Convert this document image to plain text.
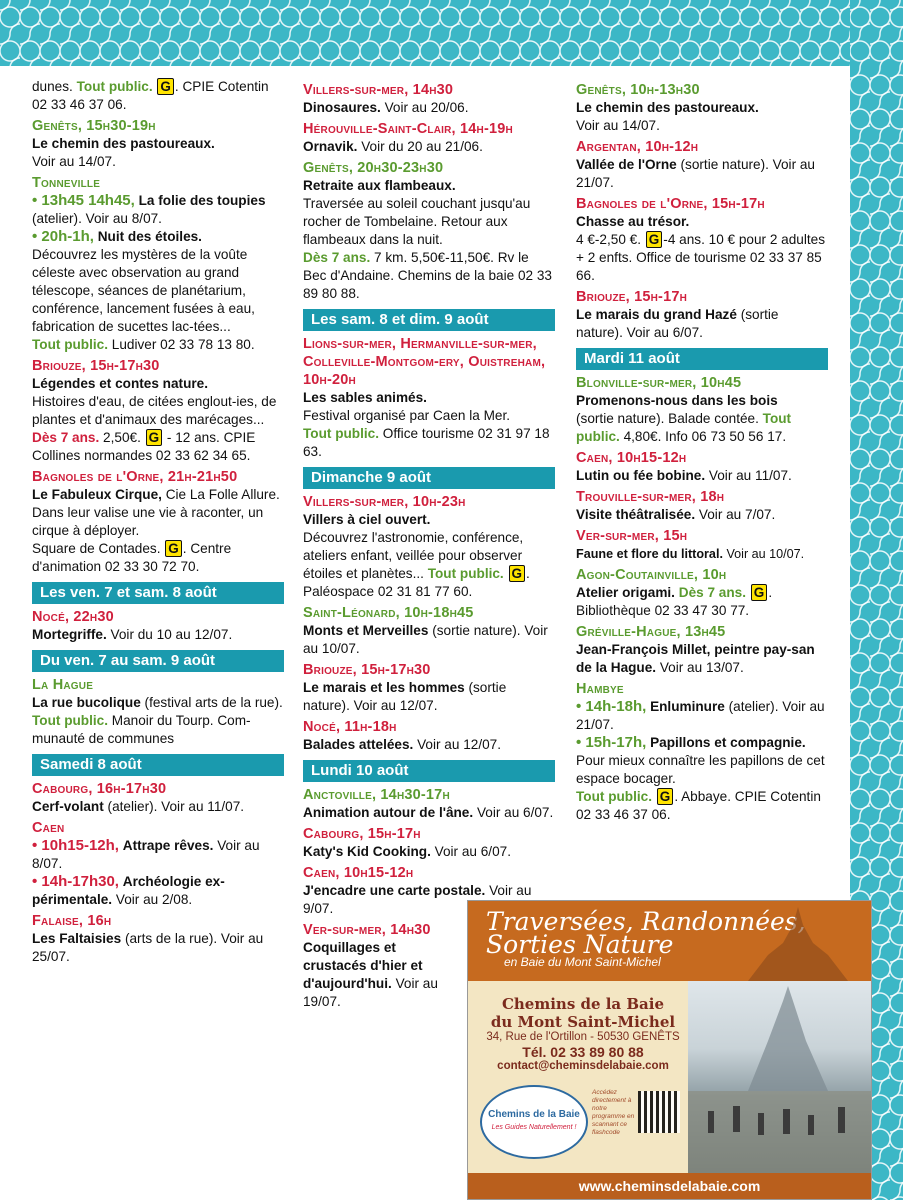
dunes. Tout public. G . CPIE Cotentin 02 33 46 37 06.

Genêts, 15h30-19h

Le chemin des pastoureaux.

Voir au 14/07.

Tonneville

• 13h45 14h45, La folie des toupies (atelier). Voir au 8/07.

• 20h-1h, Nuit des étoiles.

Découvrez les mystères de la voûte céleste avec observation au grand télescope, séances de planétarium, conférence, lancement fusées à eau, fabrication de sucettes lac-tées...

Tout public. Ludiver 02 33 78 13 80.

Briouze, 15h-17h30

Légendes et contes nature.

Histoires d'eau, de citées englout-ies, de plantes et d'animaux des marécages...

Dès 7 ans. 2,50€. G - 12 ans. CPIE Collines normandes 02 33 62 34 65.

Bagnoles de l'Orne, 21h-21h50

Le Fabuleux Cirque, Cie La Folle Allure.

Dans leur valise une vie à raconter, un cirque à déployer.

Square de Contades. G . Centre d'animation 02 33 30 72 70.

Les ven. 7 et sam. 8 août

Nocé, 22h30

Mortegriffe. Voir du 10 au 12/07.

Du ven. 7 au sam. 9 août

La Hague

La rue bucolique (festival arts de la rue).

Tout public. Manoir du Tourp. Com-munauté de communes

Samedi 8 août

Cabourg, 16h-17h30

Cerf-volant (atelier). Voir au 11/07.

Caen

• 10h15-12h, Attrape rêves. Voir au 8/07.

• 14h-17h30, Archéologie ex-périmentale. Voir au 2/08.

Falaise, 16h

Les Faltaisies (arts de la rue). Voir au 25/07.

Villers-sur-mer, 14h30

Dinosaures. Voir au 20/06.

Hérouville-Saint-Clair, 14h-19h

Ornavik. Voir du 20 au 21/06.

Genêts, 20h30-23h30

Retraite aux flambeaux.

Traversée au soleil couchant jusqu'au rocher de Tombelaine. Retour aux flambeaux dans la nuit.

Dès 7 ans. 7 km. 5,50€-11,50€. Rv le Bec d'Andaine. Chemins de la baie 02 33 89 80 88.

Les sam. 8 et dim. 9 août

Lions-sur-mer, Hermanville-sur-mer, Colleville-Montgom-ery, Ouistreham, 10h-20h

Les sables animés.

Festival organisé par Caen la Mer.

Tout public. Office tourisme 02 31 97 18 63.

Dimanche 9 août

Villers-sur-mer, 10h-23h

Villers à ciel ouvert.

Découvrez l'astronomie, conférence, ateliers enfant, veillée pour observer étoiles et planètes... Tout public. G . Paléospace 02 31 81 77 60.

Saint-Léonard, 10h-18h45

Monts et Merveilles (sortie nature). Voir au 10/07.

Briouze, 15h-17h30

Le marais et les hommes (sortie nature). Voir au 12/07.

Nocé, 11h-18h

Balades attelées. Voir au 12/07.

Lundi 10 août

Anctoville, 14h30-17h

Animation autour de l'âne. Voir au 6/07.

Cabourg, 15h-17h

Katy's Kid Cooking. Voir au 6/07.

Caen, 10h15-12h

J'encadre une carte postale. Voir au 9/07.

Ver-sur-mer, 14h30

Coquillages et crustacés d'hier et d'aujourd'hui. Voir au 19/07.

Genêts, 10h-13h30

Le chemin des pastoureaux.

Voir au 14/07.

Argentan, 10h-12h

Vallée de l'Orne (sortie nature). Voir au 21/07.

Bagnoles de l'Orne, 15h-17h

Chasse au trésor.

4 €-2,50 €. G -4 ans. 10 € pour 2 adultes + 2 enfts. Office de tourisme 02 33 37 85 66.

Briouze, 15h-17h

Le marais du grand Hazé (sortie nature). Voir au 6/07.

Mardi 11 août

Blonville-sur-mer, 10h45

Promenons-nous dans les bois

(sortie nature). Balade contée. Tout public. 4,80€. Info 06 73 50 56 17.

Caen, 10h15-12h

Lutin ou fée bobine. Voir au 11/07.

Trouville-sur-mer, 18h

Visite théâtralisée. Voir au 7/07.

Ver-sur-mer, 15h

Faune et flore du littoral. Voir au 10/07.

Agon-Coutainville, 10h

Atelier origami. Dès 7 ans. G . Bibliothèque 02 33 47 30 77.

Gréville-Hague, 13h45

Jean-François Millet, peintre pay-san de la Hague. Voir au 13/07.

Hambye

• 14h-18h, Enluminure (atelier). Voir au 21/07.

• 15h-17h, Papillons et compagnie.

Pour mieux connaître les papillons de cet espace bocager.

Tout public. G . Abbaye. CPIE Cotentin 02 33 46 37 06.

Traversées, Randonnées,
Sorties Nature
en Baie du Mont Saint-Michel
Chemins de la Baie
du Mont Saint-Michel
34, Rue de l'Ortillon - 50530 GENÊTS
Tél. 02 33 89 80 88
contact@cheminsdelabaie.com
Chemins de la Baie
Les Guides Naturellement !
Accédez directement à notre programme en scannant ce flashcode
www.cheminsdelabaie.com
